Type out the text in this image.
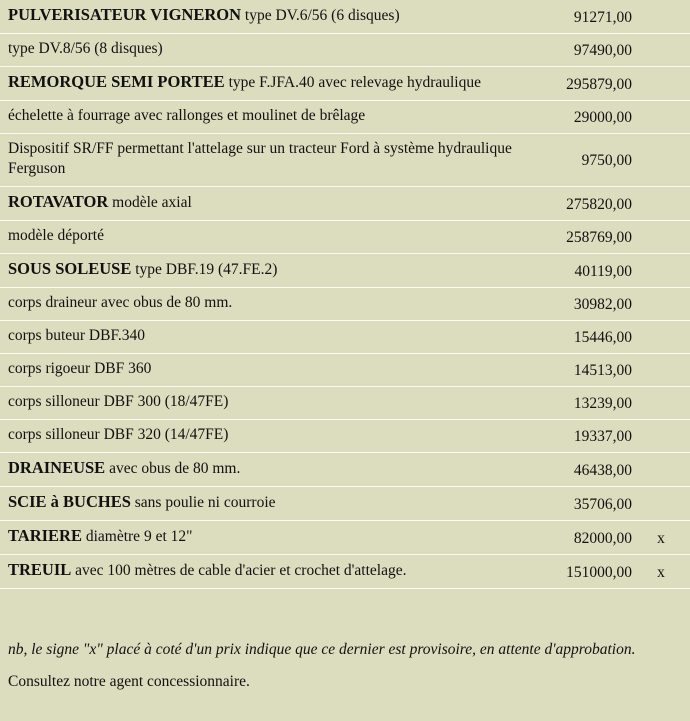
PULVERISATEUR VIGNERON type DV.6/56 (6 disques)	91271,00
type DV.8/56 (8 disques)	97490,00
REMORQUE SEMI PORTEE type F.JFA.40 avec relevage hydraulique	295879,00
échelette à fourrage avec rallonges et moulinet de brêlage	29000,00
Dispositif SR/FF permettant l'attelage sur un tracteur Ford à système hydraulique Ferguson	9750,00
ROTAVATOR modèle axial	275820,00
modèle déporté	258769,00
SOUS SOLEUSE type DBF.19 (47.FE.2)	40119,00
corps draineur avec obus de 80 mm.	30982,00
corps buteur DBF.340	15446,00
corps rigoeur DBF 360	14513,00
corps silloneur DBF 300 (18/47FE)	13239,00
corps silloneur DBF 320 (14/47FE)	19337,00
DRAINEUSE avec obus de 80 mm.	46438,00
SCIE à BUCHES sans poulie ni courroie	35706,00
TARIERE diamètre 9 et 12"	82000,00	x
TREUIL avec 100 mètres de cable d'acier et crochet d'attelage.	151000,00	x

nb, le signe "x" placé à coté d'un prix indique que ce dernier est provisoire, en attente d'approbation.

Consultez notre agent concessionnaire.
